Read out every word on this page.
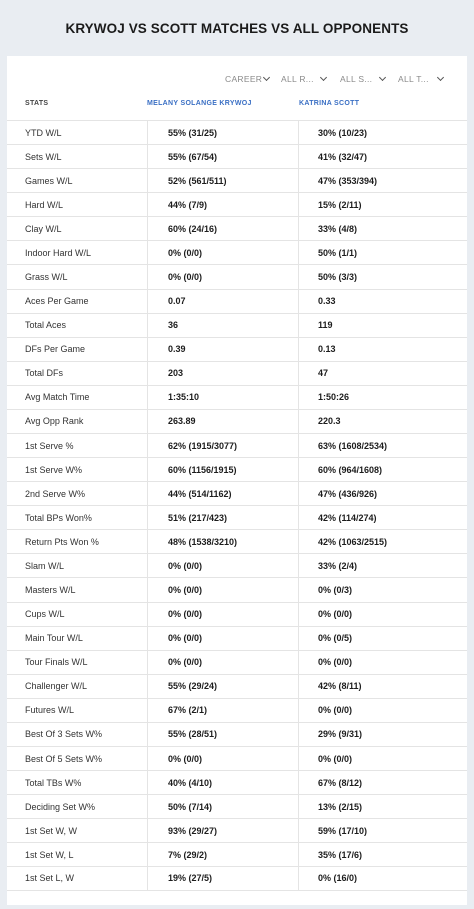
KRYWOJ VS SCOTT MATCHES VS ALL OPPONENTS
CAREER ALL R...	ALL S...	ALL T...
STATS	MELANY SOLANGE KRYWOJ	KATRINA SCOTT
YTD W/L	55% (31/25)	30% (10/23)
Sets W/L	55% (67/54)	41% (32/47)
Games W/L	52% (561/511)	47% (353/394)
Hard W/L	44% (7/9)	15% (2/11)
Clay W/L	60% (24/16)	33% (4/8)
Indoor Hard W/L	0% (0/0)	50% (1/1)
Grass W/L	0% (0/0)	50% (3/3)
Aces Per Game	0.07	0.33
Total Aces	36	119
DFs Per Game	0.39	0.13
Total DFs	203	47
Avg Match Time	1:35:10	1:50:26
Avg Opp Rank	263.89	220.3
1st Serve %	62% (1915/3077)	63% (1608/2534)
1st Serve W%	60% (1156/1915)	60% (964/1608)
2nd Serve W%	44% (514/1162)	47% (436/926)
Total BPs Won%	51% (217/423)	42% (114/274)
Return Pts Won %	48% (1538/3210)	42% (1063/2515)
Slam W/L	0% (0/0)	33% (2/4)
Masters W/L	0% (0/0)	0% (0/3)
Cups W/L	0% (0/0)	0% (0/0)
Main Tour W/L	0% (0/0)	0% (0/5)
Tour Finals W/L	0% (0/0)	0% (0/0)
Challenger W/L	55% (29/24)	42% (8/11)
Futures W/L	67% (2/1)	0% (0/0)
Best Of 3 Sets W%	55% (28/51)	29% (9/31)
Best Of 5 Sets W%	0% (0/0)	0% (0/0)
Total TBs W%	40% (4/10)	67% (8/12)
Deciding Set W%	50% (7/14)	13% (2/15)
1st Set W, W	93% (29/27)	59% (17/10)
1st Set W, L	7% (29/2)	35% (17/6)
1st Set L, W	19% (27/5)	0% (16/0)
